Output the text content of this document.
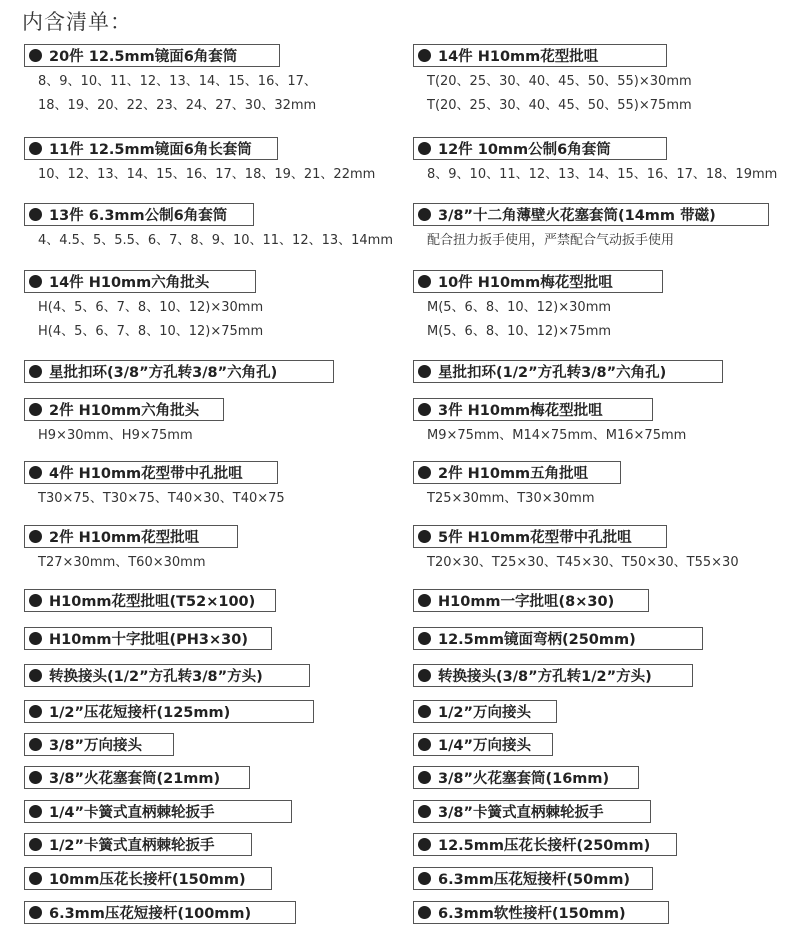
内含清单：
20件 12.5mm镜面6角套筒
8、9、10、11、12、13、14、15、16、17、
18、19、20、22、23、24、27、30、32mm
11件 12.5mm镜面6角长套筒
10、12、13、14、15、16、17、18、19、21、22mm
13件 6.3mm公制6角套筒
4、4.5、5、5.5、6、7、8、9、10、11、12、13、14mm
14件 H10mm六角批头
H(4、5、6、7、8、10、12)×30mm
H(4、5、6、7、8、10、12)×75mm
星批扣环(3/8”方孔转3/8”六角孔)
2件 H10mm六角批头
H9×30mm、H9×75mm
4件 H10mm花型带中孔批咀
T30×75、T30×75、T40×30、T40×75
2件 H10mm花型批咀
T27×30mm、T60×30mm
H10mm花型批咀(T52×100)
H10mm十字批咀(PH3×30)
转换接头(1/2”方孔转3/8”方头)
1/2”压花短接杆(125mm)
3/8”万向接头
3/8”火花塞套筒(21mm)
1/4”卡簧式直柄棘轮扳手
1/2”卡簧式直柄棘轮扳手
10mm压花长接杆(150mm)
6.3mm压花短接杆(100mm)
14件 H10mm花型批咀
T(20、25、30、40、45、50、55)×30mm
T(20、25、30、40、45、50、55)×75mm
12件 10mm公制6角套筒
8、9、10、11、12、13、14、15、16、17、18、19mm
3/8”十二角薄壁火花塞套筒(14mm 带磁)
配合扭力扳手使用，严禁配合气动扳手使用
10件 H10mm梅花型批咀
M(5、6、8、10、12)×30mm
M(5、6、8、10、12)×75mm
星批扣环(1/2”方孔转3/8”六角孔)
3件 H10mm梅花型批咀
M9×75mm、M14×75mm、M16×75mm
2件 H10mm五角批咀
T25×30mm、T30×30mm
5件 H10mm花型带中孔批咀
T20×30、T25×30、T45×30、T50×30、T55×30
H10mm一字批咀(8×30)
12.5mm镜面弯柄(250mm)
转换接头(3/8”方孔转1/2”方头)
1/2”万向接头
1/4”万向接头
3/8”火花塞套筒(16mm)
3/8”卡簧式直柄棘轮扳手
12.5mm压花长接杆(250mm)
6.3mm压花短接杆(50mm)
6.3mm软性接杆(150mm)
